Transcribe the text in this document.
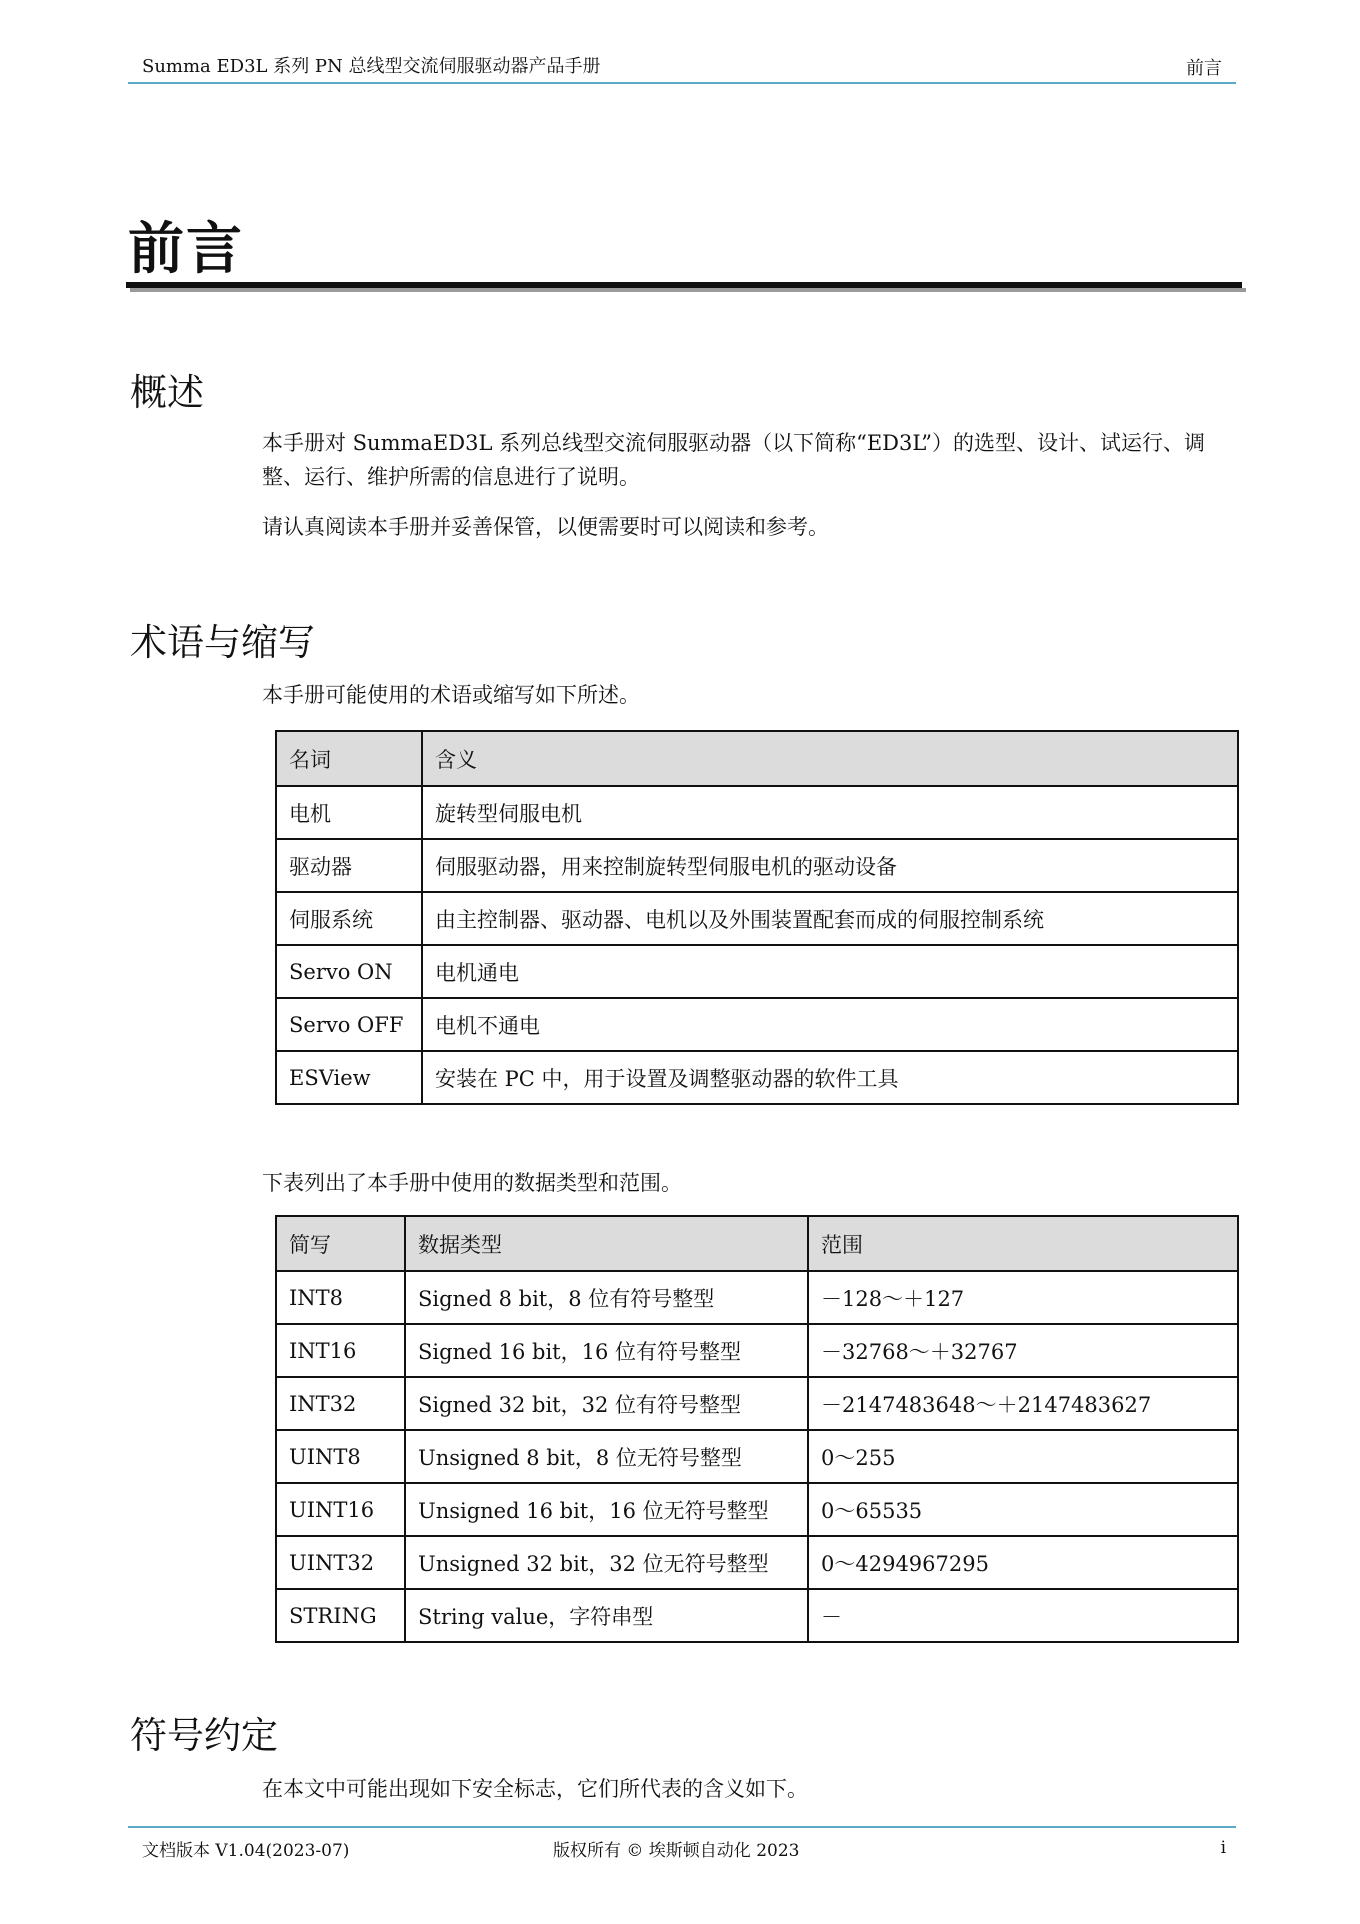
Summa ED3L 系列 PN 总线型交流伺服驱动器产品手册	前言
前言
概述
本手册对 SummaED3L 系列总线型交流伺服驱动器（以下简称“ED3L”）的选型、设计、试运行、调整、运行、维护所需的信息进行了说明。
请认真阅读本手册并妥善保管，以便需要时可以阅读和参考。
术语与缩写
本手册可能使用的术语或缩写如下所述。
名词	含义
电机	旋转型伺服电机
驱动器	伺服驱动器，用来控制旋转型伺服电机的驱动设备
伺服系统	由主控制器、驱动器、电机以及外围装置配套而成的伺服控制系统
Servo ON	电机通电
Servo OFF	电机不通电
ESView	安装在 PC 中，用于设置及调整驱动器的软件工具
下表列出了本手册中使用的数据类型和范围。
简写	数据类型	范围
INT8	Signed 8 bit，8 位有符号整型	－128～＋127
INT16	Signed 16 bit，16 位有符号整型	－32768～＋32767
INT32	Signed 32 bit，32 位有符号整型	－2147483648～＋2147483627
UINT8	Unsigned 8 bit，8 位无符号整型	0～255
UINT16	Unsigned 16 bit，16 位无符号整型	0～65535
UINT32	Unsigned 32 bit，32 位无符号整型	0～4294967295
STRING	String value，字符串型	－
符号约定
在本文中可能出现如下安全标志，它们所代表的含义如下。
文档版本 V1.04(2023-07)	版权所有 © 埃斯顿自动化 2023	i
